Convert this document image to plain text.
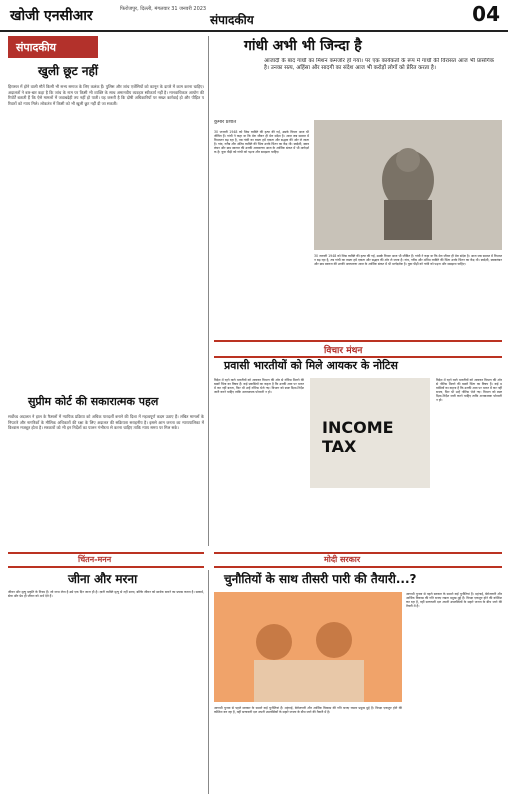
खोजी एनसीआर	फिरोजपुर, दिल्ली, मंगलवार 31 जनवरी 2023
संपादकीय	04
संपादकीय
खुली छूट नहीं
हिरासत में होने वाली मौतें किसी भी सभ्य समाज के लिए कलंक हैं। पुलिस और जांच एजेंसियों को कानून के दायरे में काम करना चाहिए। अदालतों ने बार-बार कहा है कि जांच के नाम पर किसी भी व्यक्ति के साथ अमानवीय व्यवहार स्वीकार्य नहीं है। मानवाधिकार आयोग की रिपोर्टें बताती हैं कि ऐसे मामलों में जवाबदेही तय नहीं हो पाती। यह जरूरी है कि दोषी अधिकारियों पर सख्त कार्रवाई हो और पीड़ित परिवारों को न्याय मिले। लोकतंत्र में किसी को भी खुली छूट नहीं दी जा सकती।
सुप्रीम कोर्ट की सकारात्मक पहल
सर्वोच्च अदालत ने हाल के फैसलों में न्यायिक प्रक्रिया को अधिक पारदर्शी बनाने की दिशा में महत्वपूर्ण कदम उठाए हैं। लंबित मामलों के निपटारे और नागरिकों के मौलिक अधिकारों की रक्षा के लिए अदालत की सक्रियता सराहनीय है। इससे आम जनता का न्यायपालिका में विश्वास मजबूत होता है। सरकारों को भी इन निर्देशों का पालन गंभीरता से करना चाहिए ताकि न्याय समय पर मिल सके।
गांधी अभी भी जिन्दा है
आजादी के बाद गांधी का मिशन कमजोर हो गया। पर एक कार्यकर्ता के रूप में गांधी की विरासत आज भी प्रासंगिक है। उनका सत्य, अहिंसा और सादगी का संदेश आज भी करोड़ों लोगों को प्रेरित करता है।
कुमार प्रशांत
30 जनवरी 1948 को जिस व्यक्ति की हत्या की गई, उसके विचार आज भी जीवित हैं। गांधी ने कहा था कि मेरा जीवन ही मेरा संदेश है। आज जब समाज में विभाजन बढ़ रहा है, तब गांधी का रास्ता हमें एकता और सद्भाव की ओर ले जाता है। गांव, गरीब और अंतिम व्यक्ति की चिंता उनके चिंतन का केंद्र थी। स्वदेशी, स्वावलंबन और ग्राम स्वराज की उनकी अवधारणा आज के आर्थिक संकट में भी मार्गदर्शक है। युवा पीढ़ी को गांधी को पढ़ना और समझना चाहिए।
30 जनवरी 1948 को जिस व्यक्ति की हत्या की गई, उसके विचार आज भी जीवित हैं। गांधी ने कहा था कि मेरा जीवन ही मेरा संदेश है। आज जब समाज में विभाजन बढ़ रहा है, तब गांधी का रास्ता हमें एकता और सद्भाव की ओर ले जाता है। गांव, गरीब और अंतिम व्यक्ति की चिंता उनके चिंतन का केंद्र थी। स्वदेशी, स्वावलंबन और ग्राम स्वराज की उनकी अवधारणा आज के आर्थिक संकट में भी मार्गदर्शक है। युवा पीढ़ी को गांधी को पढ़ना और समझना चाहिए।
विचार मंथन
प्रवासी भारतीयों को मिले आयकर के नोटिस
विदेश में रहने वाले भारतीयों को आयकर विभाग की ओर से नोटिस मिलने की खबरें चिंता का विषय हैं। कई प्रवासियों का कहना है कि उनकी आय पर भारत में कर नहीं बनता, फिर भी उन्हें नोटिस भेजे गए। विभाग को स्पष्ट दिशा-निर्देश जारी करने चाहिए ताकि अनावश्यक परेशानी न हो।
INCOME TAX
विदेश में रहने वाले भारतीयों को आयकर विभाग की ओर से नोटिस मिलने की खबरें चिंता का विषय हैं। कई प्रवासियों का कहना है कि उनकी आय पर भारत में कर नहीं बनता, फिर भी उन्हें नोटिस भेजे गए। विभाग को स्पष्ट दिशा-निर्देश जारी करने चाहिए ताकि अनावश्यक परेशानी न हो।
चिंतन-मनन	मोदी सरकार
जीना और मरना
जीवन और मृत्यु प्रकृति के नियम हैं। जो जन्म लेता है उसे एक दिन जाना ही है। ज्ञानी व्यक्ति मृत्यु से नहीं डरता, बल्कि जीवन को सार्थक बनाने का प्रयास करता है। सत्कर्म, सेवा और प्रेम ही जीवन को अर्थ देते हैं।
चुनौतियों के साथ तीसरी पारी की तैयारी...?
आगामी चुनाव से पहले सरकार के सामने कई चुनौतियां हैं। महंगाई, बेरोजगारी और आर्थिक विकास की गति बनाए रखना प्रमुख मुद्दे हैं। विपक्ष एकजुट होने की कोशिश कर रहा है, वहीं सत्ताधारी दल अपनी उपलब्धियों के सहारे जनता के बीच जाने की तैयारी में है।
आगामी चुनाव से पहले सरकार के सामने कई चुनौतियां हैं। महंगाई, बेरोजगारी और आर्थिक विकास की गति बनाए रखना प्रमुख मुद्दे हैं। विपक्ष एकजुट होने की कोशिश कर रहा है, वहीं सत्ताधारी दल अपनी उपलब्धियों के सहारे जनता के बीच जाने की तैयारी में है।
